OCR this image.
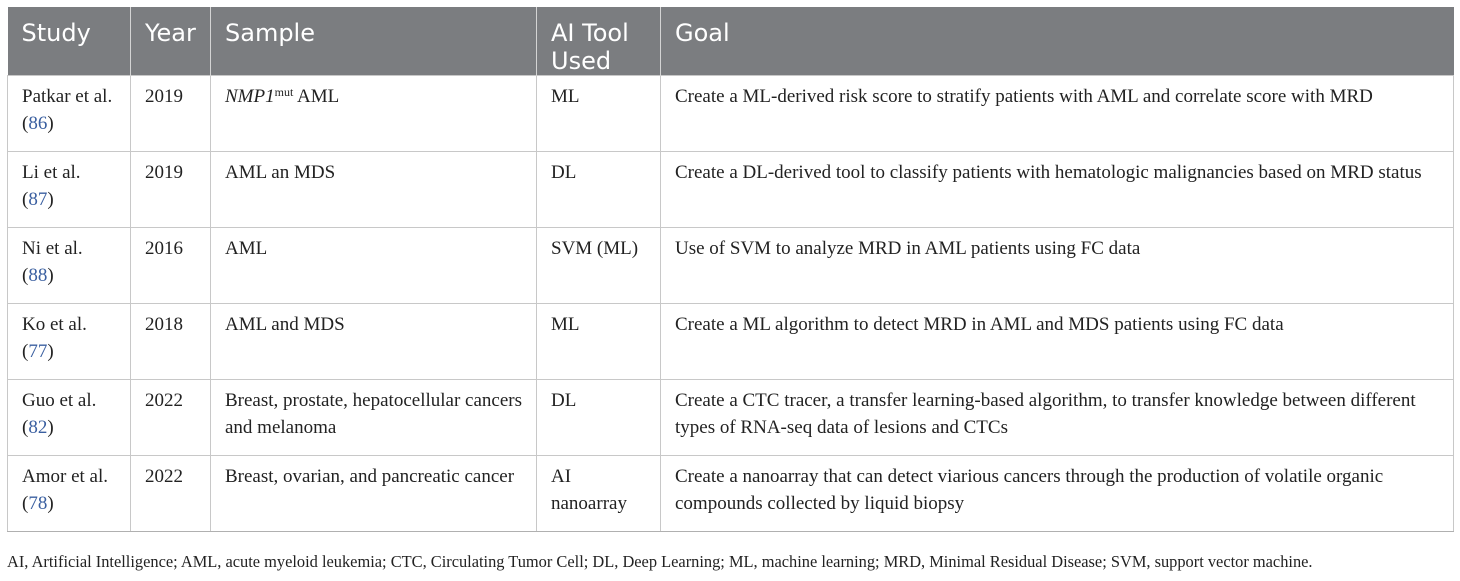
Study	Year	Sample	AI Tool Used	Goal
Patkar et al. (86)	2019	$NMP1^{mut}$ AML	ML	Create a ML-derived risk score to stratify patients with AML and correlate score with MRD
Li et al. (87)	2019	AML an MDS	DL	Create a DL-derived tool to classify patients with hematologic malignancies based on MRD status
Ni et al. (88)	2016	AML	SVM (ML)	Use of SVM to analyze MRD in AML patients using FC data
Ko et al. (77)	2018	AML and MDS	ML	Create a ML algorithm to detect MRD in AML and MDS patients using FC data
Guo et al. (82)	2022	Breast, prostate, hepatocellular cancers and melanoma	DL	Create a CTC tracer, a transfer learning-based algorithm, to transfer knowledge between different types of RNA-seq data of lesions and CTCs
Amor et al. (78)	2022	Breast, ovarian, and pancreatic cancer	AI nanoarray	Create a nanoarray that can detect viarious cancers through the production of volatile organic compounds collected by liquid biopsy
AI, Artificial Intelligence; AML, acute myeloid leukemia; CTC, Circulating Tumor Cell; DL, Deep Learning; ML, machine learning; MRD, Minimal Residual Disease; SVM, support vector machine.
